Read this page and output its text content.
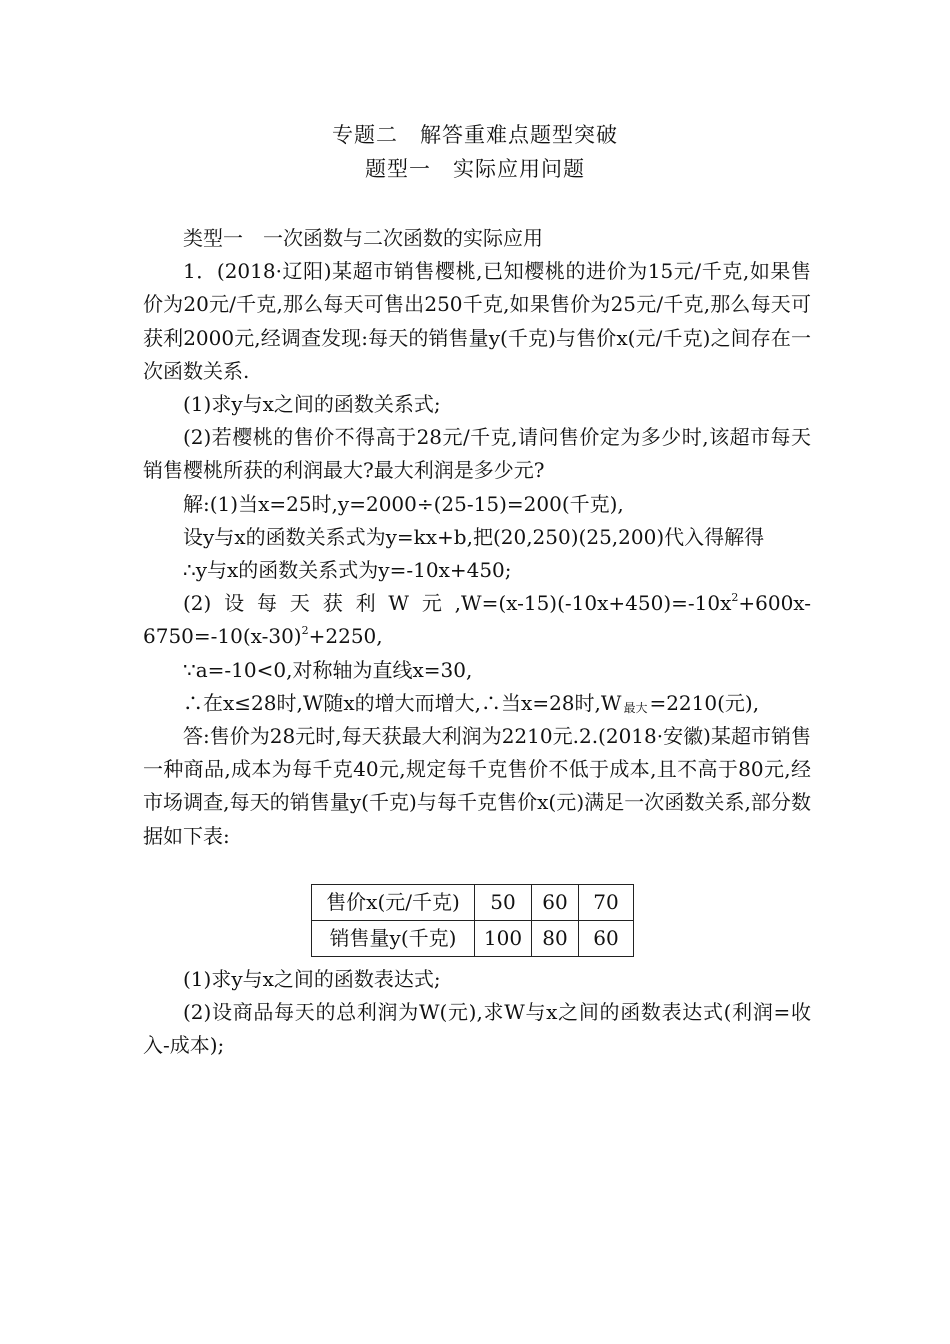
专题二　解答重难点题型突破
题型一　实际应用问题

类型一　一次函数与二次函数的实际应用

1．(2018·辽阳)某超市销售樱桃,已知樱桃的进价为15元/千克,如果售价为20元/千克,那么每天可售出250千克,如果售价为25元/千克,那么每天可获利2000元,经调查发现:每天的销售量y(千克)与售价x(元/千克)之间存在一次函数关系.

(1)求y与x之间的函数关系式;

(2)若樱桃的售价不得高于28元/千克,请问售价定为多少时,该超市每天销售樱桃所获的利润最大?最大利润是多少元?

解:(1)当x=25时,y=2000÷(25-15)=200(千克),

设y与x的函数关系式为y=kx+b,把(20,250)(25,200)代入得解得

∴y与x的函数关系式为y=-10x+450;

(2)设每天获利W元$,W=(x-15)(-10x+450)=-10x^2+600x-6750=-10(x-30)^2+2250$,

∵a=-10<0,对称轴为直线x=30,

∴在x≤28时,W随x的增大而增大,∴当x=28时,W 最大 =2210(元),

答:售价为28元时,每天获最大利润为2210元.2.(2018·安徽)某超市销售一种商品,成本为每千克40元,规定每千克售价不低于成本,且不高于80元,经市场调查,每天的销售量y(千克)与每千克售价x(元)满足一次函数关系,部分数据如下表:

售价x(元/千克)	50	60	70
销售量y(千克)	100	80	60

(1)求y与x之间的函数表达式;

(2)设商品每天的总利润为W(元),求W与x之间的函数表达式(利润=收入-成本);
